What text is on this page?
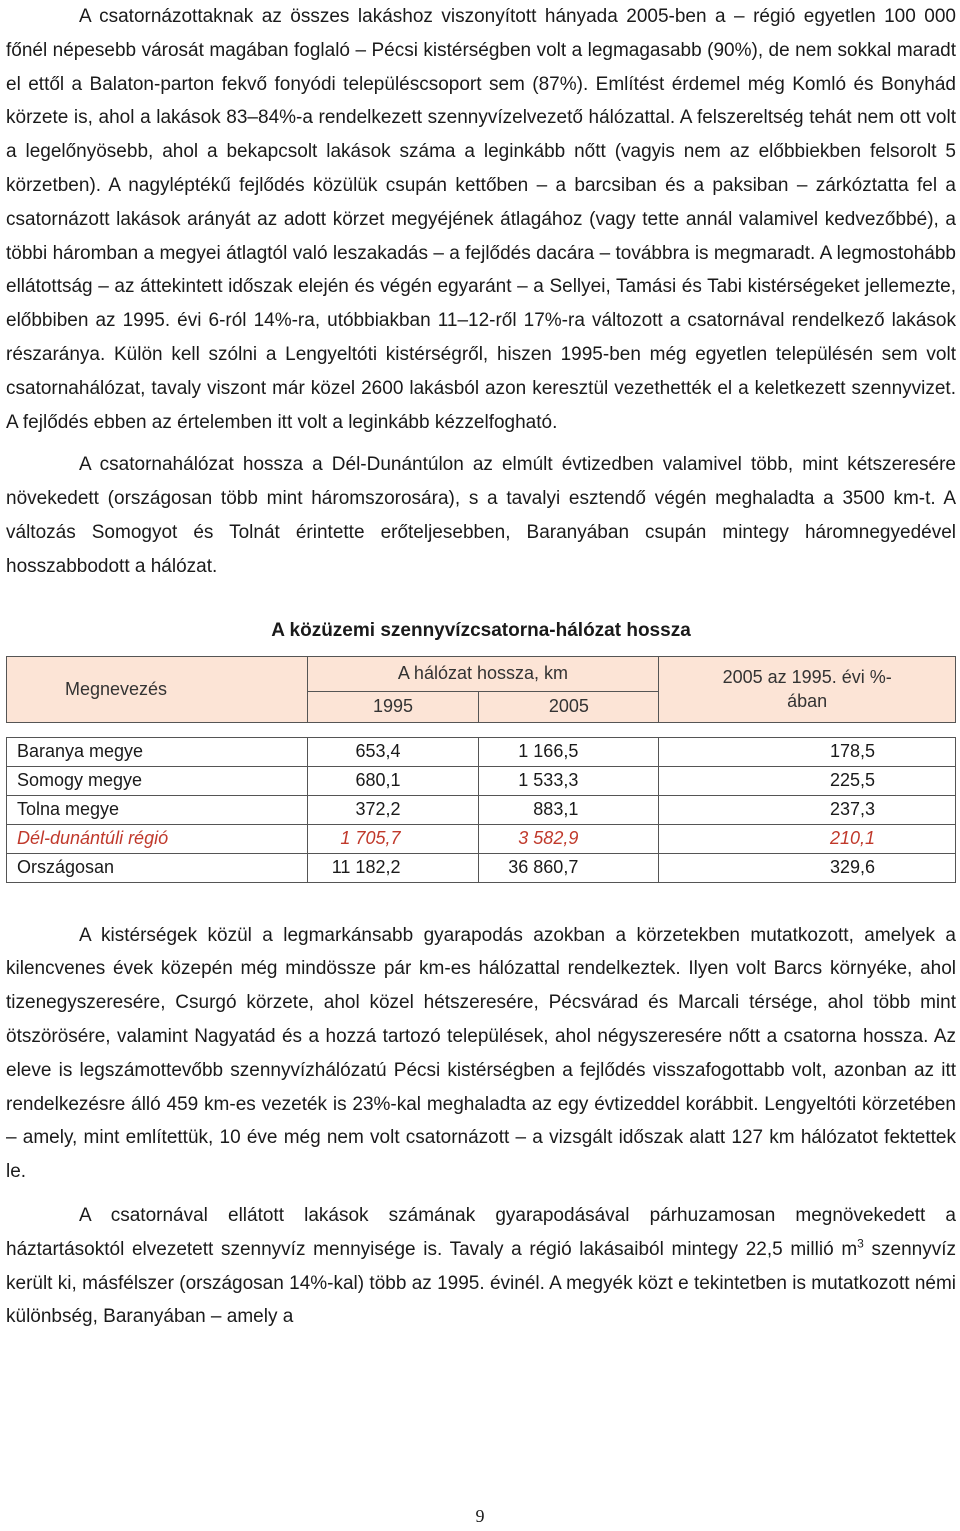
A csatornázottaknak az összes lakáshoz viszonyított hányada 2005-ben a – régió egyetlen 100 000 főnél népesebb városát magában foglaló – Pécsi kistérségben volt a legmagasabb (90%), de nem sokkal maradt el ettől a Balaton-parton fekvő fonyódi településcsoport sem (87%). Említést érdemel még Komló és Bonyhád körzete is, ahol a lakások 83–84%-a rendelkezett szennyvízelvezető hálózattal. A felszereltség tehát nem ott volt a legelőnyösebb, ahol a bekapcsolt lakások száma a leginkább nőtt (vagyis nem az előbbiekben felsorolt 5 körzetben). A nagyléptékű fejlődés közülük csupán kettőben – a barcsiban és a paksiban – zárkóztatta fel a csatornázott lakások arányát az adott körzet megyéjének átlagához (vagy tette annál valamivel kedvezőbbé), a többi háromban a megyei átlagtól való leszakadás – a fejlődés dacára – továbbra is megmaradt. A legmostohább ellátottság – az áttekintett időszak elején és végén egyaránt – a Sellyei, Tamási és Tabi kistérségeket jellemezte, előbbiben az 1995. évi 6-ról 14%-ra, utóbbiakban 11–12-ről 17%-ra változott a csatornával rendelkező lakások részaránya. Külön kell szólni a Lengyeltóti kistérségről, hiszen 1995-ben még egyetlen településén sem volt csatornahálózat, tavaly viszont már közel 2600 lakásból azon keresztül vezethették el a keletkezett szennyvizet. A fejlődés ebben az értelemben itt volt a leginkább kézzelfogható.

A csatornahálózat hossza a Dél-Dunántúlon az elmúlt évtizedben valamivel több, mint kétszeresére növekedett (országosan több mint háromszorosára), s a tavalyi esztendő végén meghaladta a 3500 km-t. A változás Somogyot és Tolnát érintette erőteljesebben, Baranyában csupán mintegy háromnegyedével hosszabbodott a hálózat.

A közüzemi szennyvízcsatorna-hálózat hossza
Megnevezés	A hálózat hossza, km		2005 az 1995. évi %-ában
	1995	2005	

Baranya megye	653,4	1 166,5	178,5
Somogy megye	680,1	1 533,3	225,5
Tolna megye	372,2	883,1	237,3
Dél-dunántúli régió	1 705,7	3 582,9	210,1
Országosan	11 182,2	36 860,7	329,6

A kistérségek közül a legmarkánsabb gyarapodás azokban a körzetekben mutatkozott, amelyek a kilencvenes évek közepén még mindössze pár km-es hálózattal rendelkeztek. Ilyen volt Barcs környéke, ahol tizenegyszeresére, Csurgó körzete, ahol közel hétszeresére, Pécsvárad és Marcali térsége, ahol több mint ötszörösére, valamint Nagyatád és a hozzá tartozó települések, ahol négyszeresére nőtt a csatorna hossza. Az eleve is legszámottevőbb szennyvízhálózatú Pécsi kistérségben a fejlődés visszafogottabb volt, azonban az itt rendelkezésre álló 459 km-es vezeték is 23%-kal meghaladta az egy évtizeddel korábbit. Lengyeltóti körzetében – amely, mint említettük, 10 éve még nem volt csatornázott – a vizsgált időszak alatt 127 km hálózatot fektettek le.

A csatornával ellátott lakások számának gyarapodásával párhuzamosan megnövekedett a háztartásoktól elvezetett szennyvíz mennyisége is. Tavaly a régió lakásaiból mintegy 22,5 millió $m^3$ szennyvíz került ki, másfélszer (országosan 14%-kal) több az 1995. évinél. A megyék közt e tekintetben is mutatkozott némi különbség, Baranyában – amely a

9
